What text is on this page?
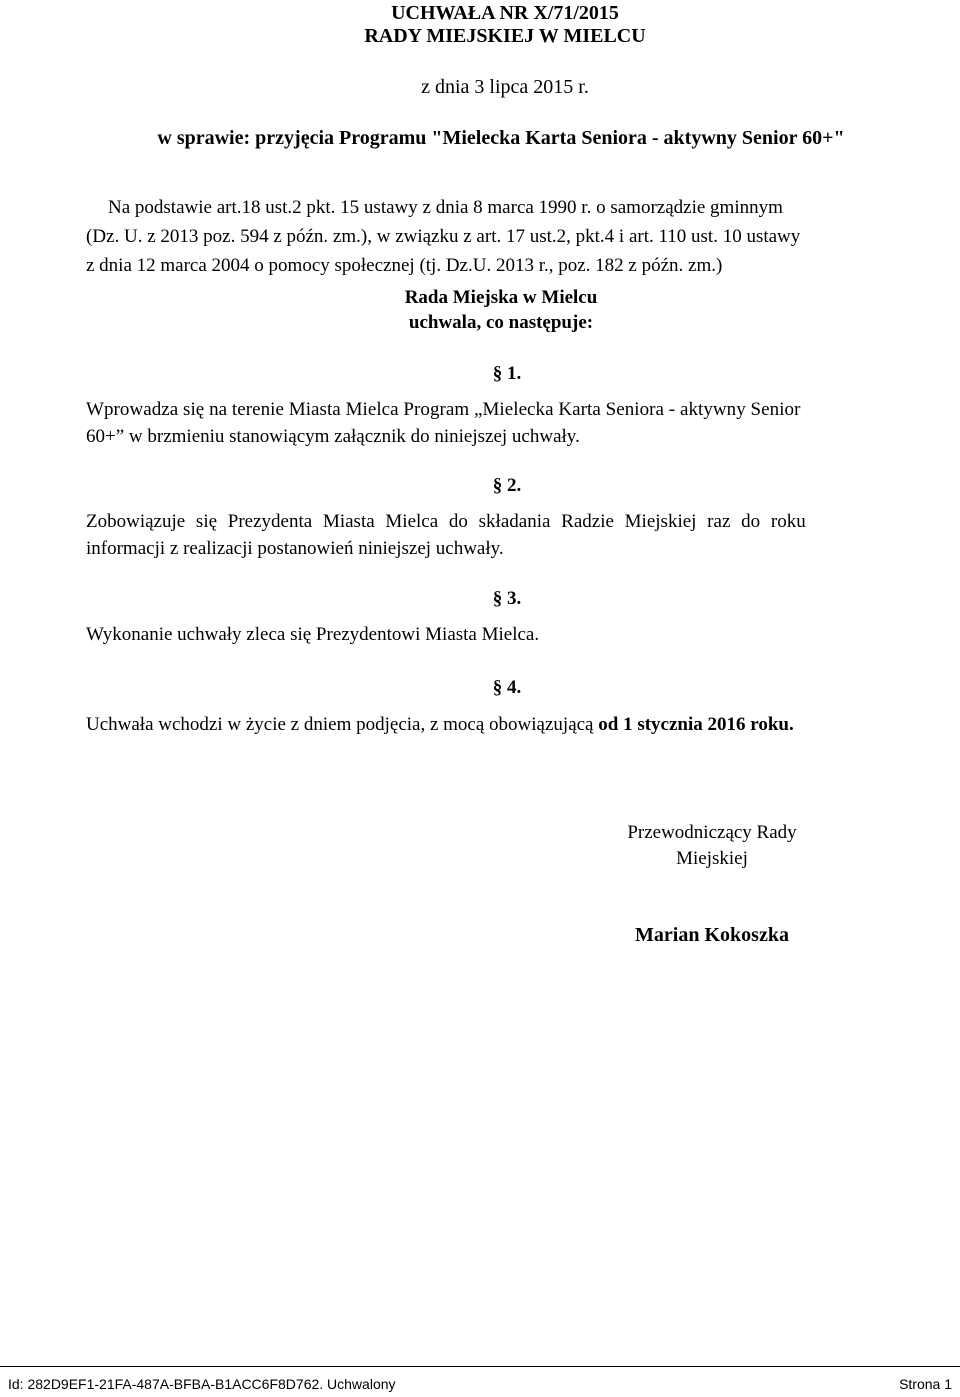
UCHWAŁA NR X/71/2015
RADY MIEJSKIEJ W MIELCU
z dnia 3 lipca 2015 r.
w sprawie: przyjęcia Programu "Mielecka Karta Seniora - aktywny Senior 60+"
Na podstawie art.18 ust.2 pkt. 15 ustawy z dnia 8 marca 1990 r. o samorządzie gminnym
(Dz. U. z 2013 poz. 594 z późn. zm.), w związku z art. 17 ust.2, pkt.4 i art. 110 ust. 10 ustawy
z dnia 12 marca 2004 o pomocy społecznej (tj. Dz.U. 2013 r., poz. 182 z późn. zm.)
Rada Miejska w Mielcu
uchwala, co następuje:
§ 1.
Wprowadza się na terenie Miasta Mielca Program „Mielecka Karta Seniora - aktywny Senior
60+” w brzmieniu stanowiącym załącznik do niniejszej uchwały.
§ 2.
Zobowiązuje się Prezydenta Miasta Mielca do składania Radzie Miejskiej raz do roku
informacji z realizacji postanowień niniejszej uchwały.
§ 3.
Wykonanie uchwały zleca się Prezydentowi Miasta Mielca.
§ 4.
Uchwała wchodzi w życie z dniem podjęcia, z mocą obowiązującą od 1 stycznia 2016 roku.
Przewodniczący Rady
Miejskiej
Marian Kokoszka
Id: 282D9EF1-21FA-487A-BFBA-B1ACC6F8D762. Uchwalony	Strona 1
